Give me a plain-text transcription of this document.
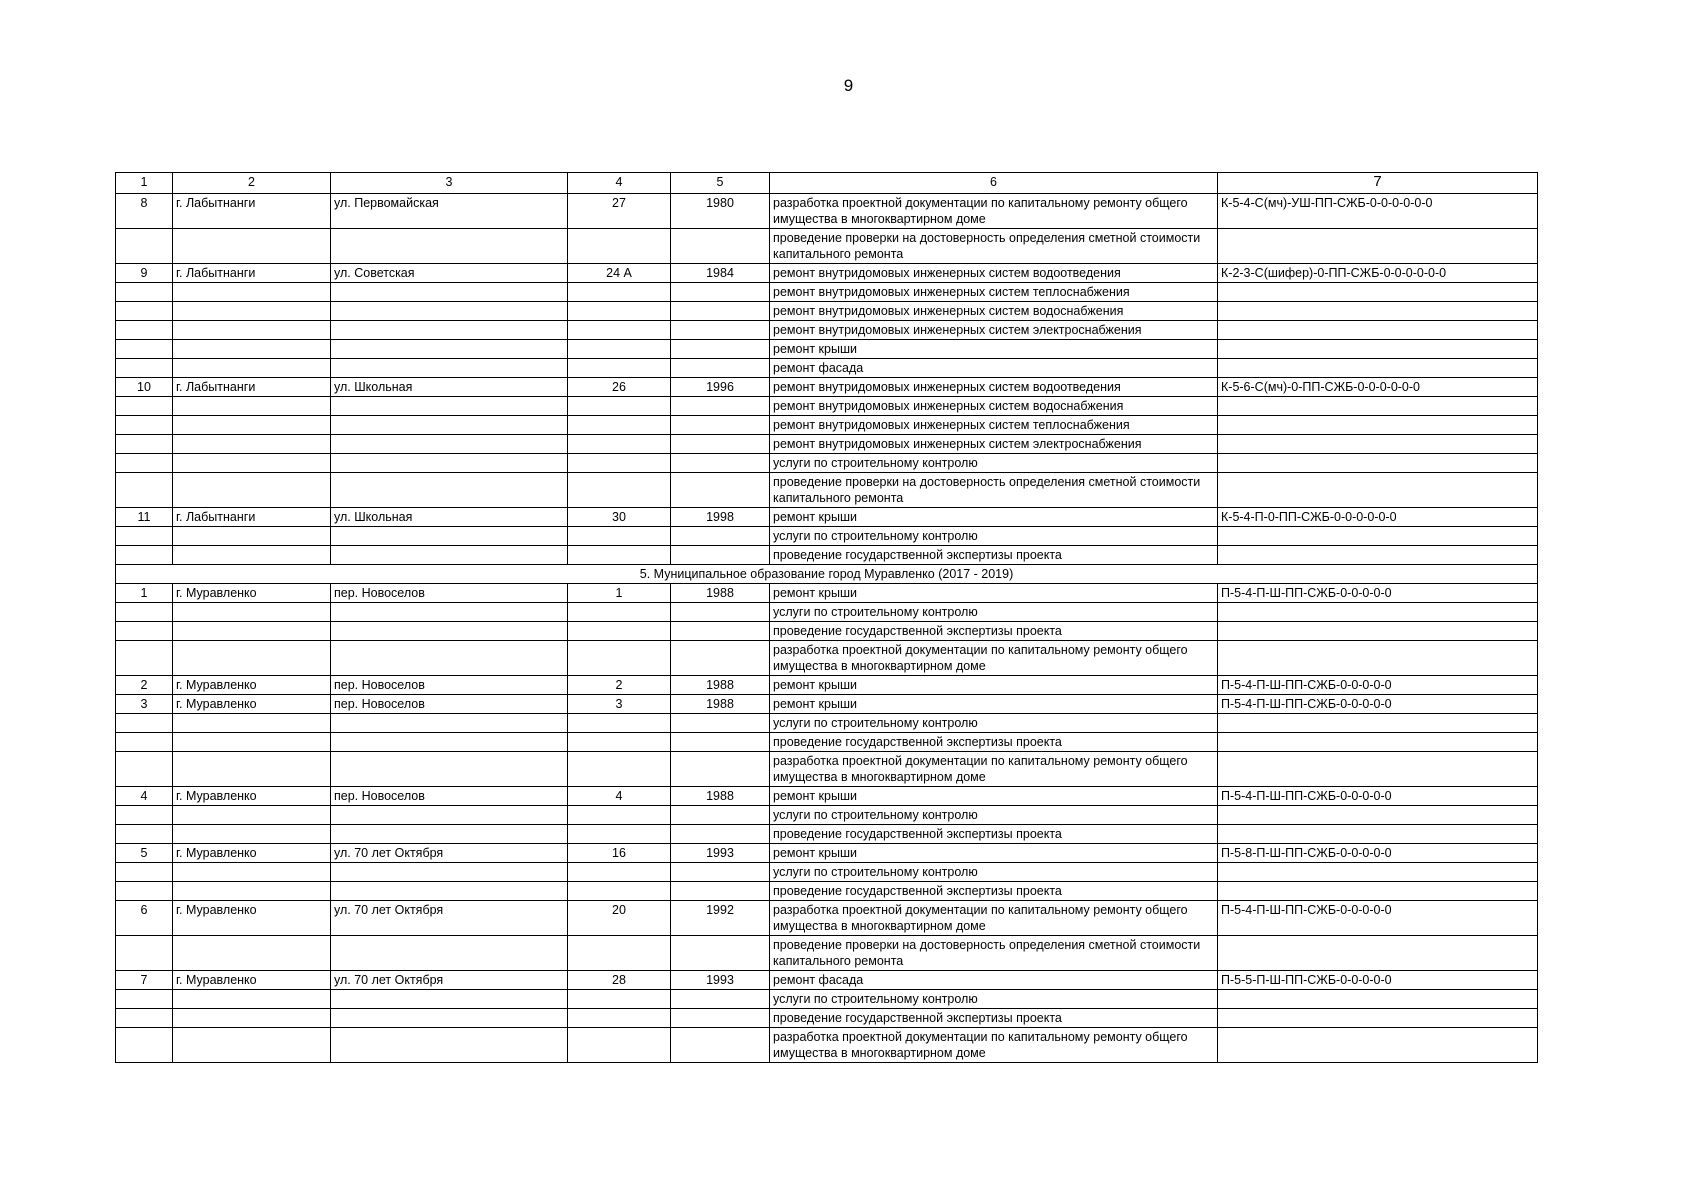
9
1	2	3	4	5	6	7
8	г. Лабытнанги	ул. Первомайская	27	1980	разработка проектной документации по капитальному ремонту общего имущества в многоквартирном доме	К-5-4-С(мч)-УШ-ПП-СЖБ-0-0-0-0-0-0
					проведение проверки на достоверность определения сметной стоимости капитального ремонта	
9	г. Лабытнанги	ул. Советская	24 А	1984	ремонт внутридомовых инженерных систем водоотведения	К-2-3-С(шифер)-0-ПП-СЖБ-0-0-0-0-0-0
					ремонт внутридомовых инженерных систем теплоснабжения	
					ремонт внутридомовых инженерных систем водоснабжения	
					ремонт внутридомовых инженерных систем электроснабжения	
					ремонт крыши	
					ремонт фасада	
10	г. Лабытнанги	ул. Школьная	26	1996	ремонт внутридомовых инженерных систем водоотведения	К-5-6-С(мч)-0-ПП-СЖБ-0-0-0-0-0-0
					ремонт внутридомовых инженерных систем водоснабжения	
					ремонт внутридомовых инженерных систем теплоснабжения	
					ремонт внутридомовых инженерных систем электроснабжения	
					услуги по строительному контролю	
					проведение проверки на достоверность определения сметной стоимости капитального ремонта	
11	г. Лабытнанги	ул. Школьная	30	1998	ремонт крыши	К-5-4-П-0-ПП-СЖБ-0-0-0-0-0-0
					услуги по строительному контролю	
					проведение государственной экспертизы проекта	
5. Муниципальное образование город Муравленко (2017 - 2019)						
1	г. Муравленко	пер. Новоселов	1	1988	ремонт крыши	П-5-4-П-Ш-ПП-СЖБ-0-0-0-0-0
					услуги по строительному контролю	
					проведение государственной экспертизы проекта	
					разработка проектной документации по капитальному ремонту общего имущества в многоквартирном доме	
2	г. Муравленко	пер. Новоселов	2	1988	ремонт крыши	П-5-4-П-Ш-ПП-СЖБ-0-0-0-0-0
3	г. Муравленко	пер. Новоселов	3	1988	ремонт крыши	П-5-4-П-Ш-ПП-СЖБ-0-0-0-0-0
					услуги по строительному контролю	
					проведение государственной экспертизы проекта	
					разработка проектной документации по капитальному ремонту общего имущества в многоквартирном доме	
4	г. Муравленко	пер. Новоселов	4	1988	ремонт крыши	П-5-4-П-Ш-ПП-СЖБ-0-0-0-0-0
					услуги по строительному контролю	
					проведение государственной экспертизы проекта	
5	г. Муравленко	ул. 70 лет Октября	16	1993	ремонт крыши	П-5-8-П-Ш-ПП-СЖБ-0-0-0-0-0
					услуги по строительному контролю	
					проведение государственной экспертизы проекта	
6	г. Муравленко	ул. 70 лет Октября	20	1992	разработка проектной документации по капитальному ремонту общего имущества в многоквартирном доме	П-5-4-П-Ш-ПП-СЖБ-0-0-0-0-0
					проведение проверки на достоверность определения сметной стоимости капитального ремонта	
7	г. Муравленко	ул. 70 лет Октября	28	1993	ремонт фасада	П-5-5-П-Ш-ПП-СЖБ-0-0-0-0-0
					услуги по строительному контролю	
					проведение государственной экспертизы проекта	
					разработка проектной документации по капитальному ремонту общего имущества в многоквартирном доме	
